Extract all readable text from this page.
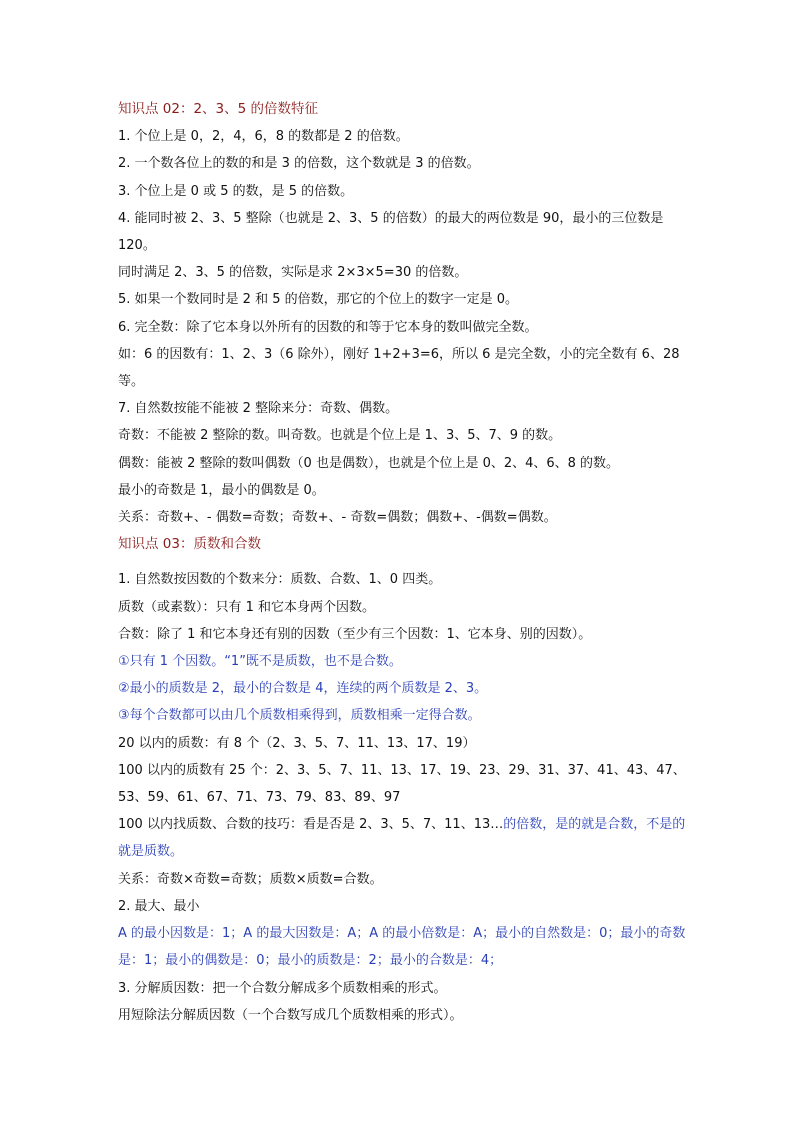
知识点 02：2、3、5 的倍数特征
1. 个位上是 0，2，4，6，8 的数都是 2 的倍数。
2. 一个数各位上的数的和是 3 的倍数，这个数就是 3 的倍数。
3. 个位上是 0 或 5 的数，是 5 的倍数。
4. 能同时被 2、3、5 整除（也就是 2、3、5 的倍数）的最大的两位数是 90，最小的三位数是 120。
同时满足 2、3、5 的倍数，实际是求 2×3×5=30 的倍数。
5. 如果一个数同时是 2 和 5 的倍数，那它的个位上的数字一定是 0。
6. 完全数：除了它本身以外所有的因数的和等于它本身的数叫做完全数。
如：6 的因数有：1、2、3（6 除外），刚好 1+2+3=6，所以 6 是完全数，小的完全数有 6、28 等。
7. 自然数按能不能被 2 整除来分：奇数、偶数。
奇数：不能被 2 整除的数。叫奇数。也就是个位上是 1、3、5、7、9 的数。
偶数：能被 2 整除的数叫偶数（0 也是偶数），也就是个位上是 0、2、4、6、8 的数。
最小的奇数是 1，最小的偶数是 0。
关系：奇数+、- 偶数=奇数；奇数+、- 奇数=偶数；偶数+、-偶数=偶数。
知识点 03：质数和合数
1. 自然数按因数的个数来分：质数、合数、1、0 四类。
质数（或素数）：只有 1 和它本身两个因数。
合数：除了 1 和它本身还有别的因数（至少有三个因数：1、它本身、别的因数）。
①只有 1 个因数。“1”既不是质数，也不是合数。
②最小的质数是 2，最小的合数是 4，连续的两个质数是 2、3。
③每个合数都可以由几个质数相乘得到，质数相乘一定得合数。
20 以内的质数：有 8 个（2、3、5、7、11、13、17、19）
100 以内的质数有 25 个：2、3、5、7、11、13、17、19、23、29、31、37、41、43、47、53、59、61、67、71、73、79、83、89、97
100 以内找质数、合数的技巧：看是否是 2、3、5、7、11、13…的倍数，是的就是合数，不是的就是质数。
关系：奇数×奇数=奇数；质数×质数=合数。
2. 最大、最小
A 的最小因数是：1；A 的最大因数是：A；A 的最小倍数是：A；最小的自然数是：0；最小的奇数是：1；最小的偶数是：0；最小的质数是：2；最小的合数是：4；
3. 分解质因数：把一个合数分解成多个质数相乘的形式。
用短除法分解质因数（一个合数写成几个质数相乘的形式）。
